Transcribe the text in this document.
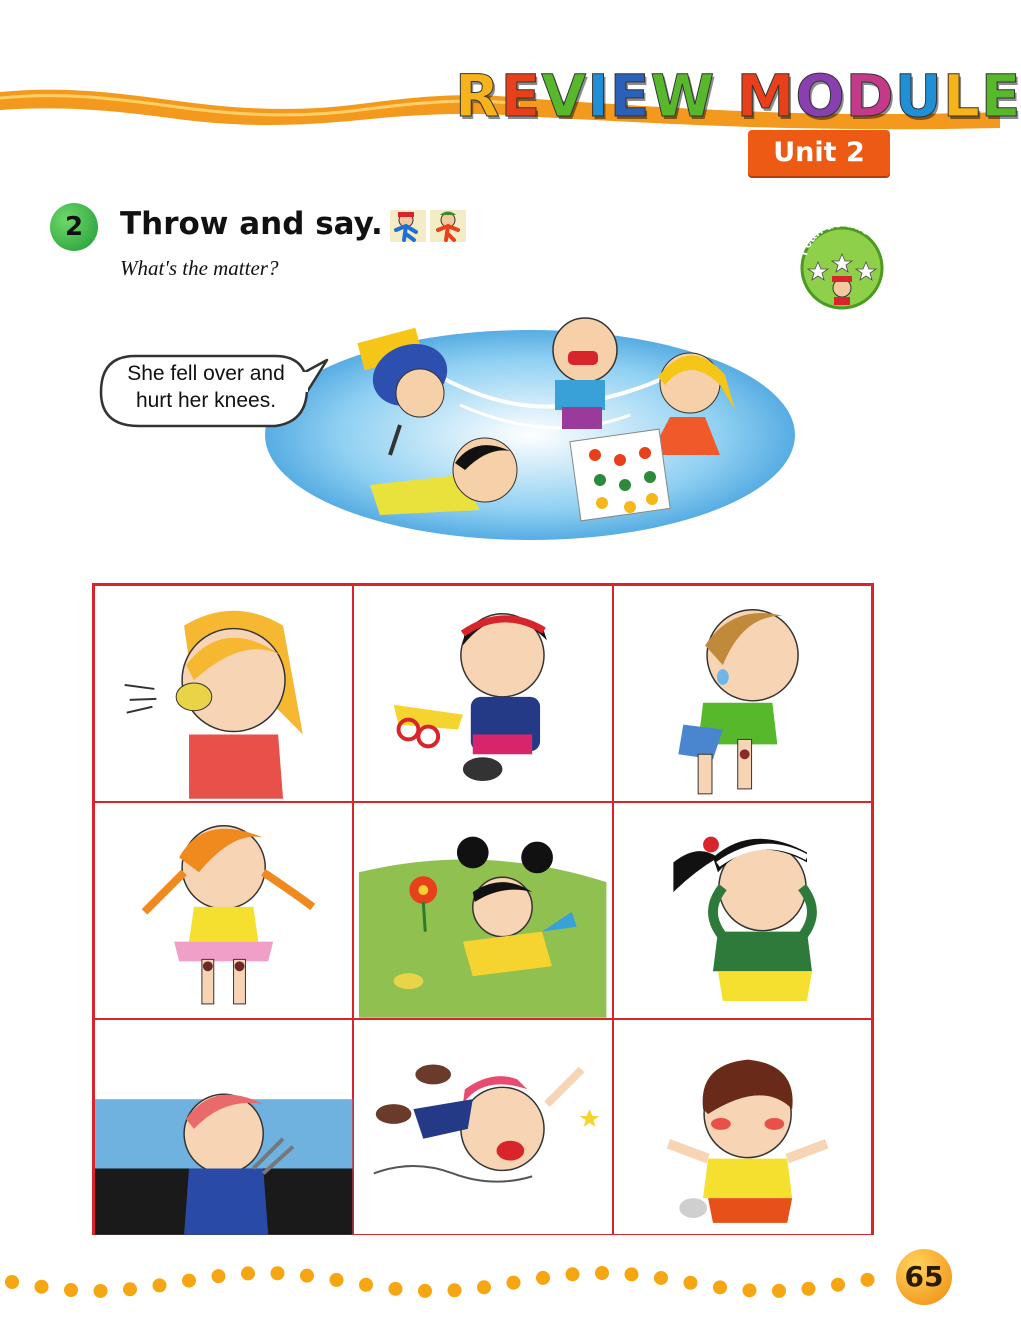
REVIEW MODULE
Unit 2
2	Throw and say.
What's the matter?
I can do this
She fell over and
hurt her knees.
65
